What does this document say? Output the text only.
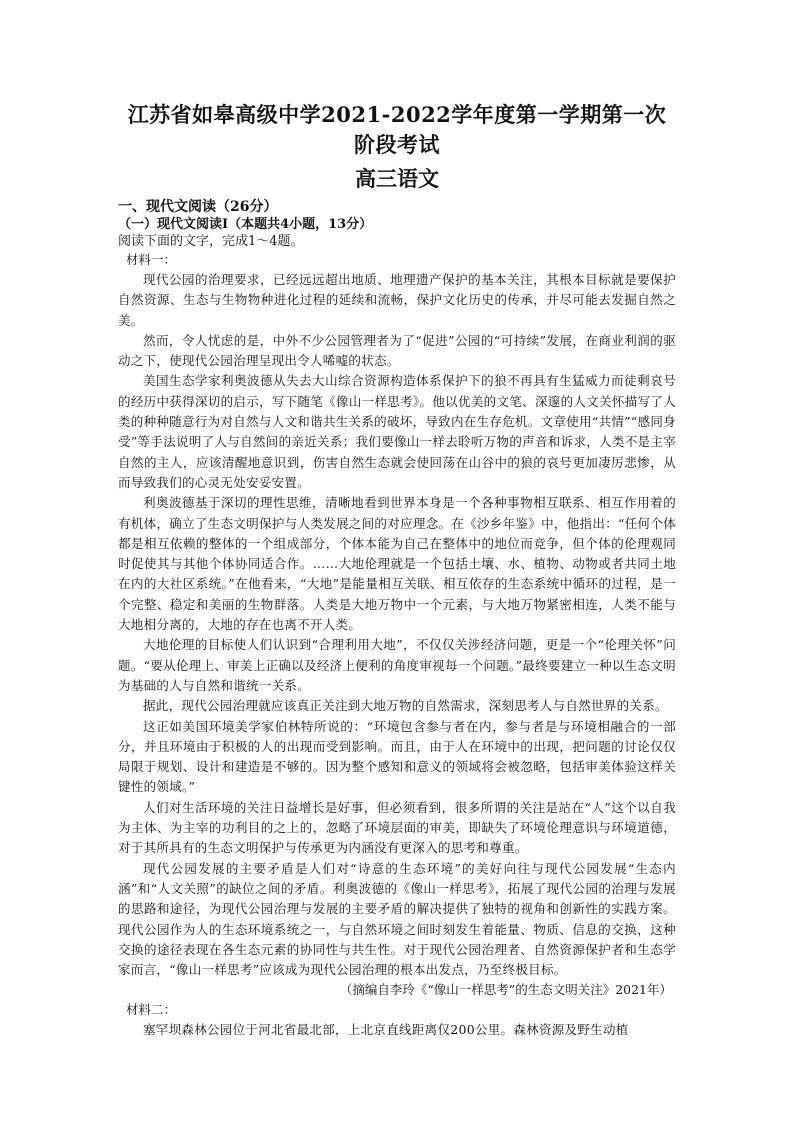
江苏省如皋高级中学2021-2022学年度第一学期第一次阶段考试
高三语文

一、现代文阅读（26分）

（一）现代文阅读Ⅰ（本题共4小题，13分）

阅读下面的文字，完成1～4题。

材料一：

现代公园的治理要求，已经远远超出地质、地理遗产保护的基本关注，其根本目标就是要保护自然资源、生态与生物物种进化过程的延续和流畅，保护文化历史的传承，并尽可能去发掘自然之美。

然而，令人忧虑的是，中外不少公园管理者为了“促进”公园的“可持续”发展，在商业利润的驱动之下，使现代公园治理呈现出令人唏嘘的状态。

美国生态学家利奥波德从失去大山综合资源构造体系保护下的狼不再具有生猛威力而徒剩哀号的经历中获得深切的启示，写下随笔《像山一样思考》。他以优美的文笔、深邃的人文关怀描写了人类的种种随意行为对自然与人文和谐共生关系的破坏，导致内在生存危机。文章使用“共情”“感同身受”等手法说明了人与自然间的亲近关系；我们要像山一样去聆听万物的声音和诉求，人类不是主宰自然的主人，应该清醒地意识到，伤害自然生态就会使回荡在山谷中的狼的哀号更加凄厉悲惨，从而导致我们的心灵无处安妥安置。

利奥波德基于深切的理性思维，清晰地看到世界本身是一个各种事物相互联系、相互作用着的有机体，确立了生态文明保护与人类发展之间的对应理念。在《沙乡年鉴》中，他指出：“任何个体都是相互依赖的整体的一个组成部分，个体本能为自己在整体中的地位而竞争，但个体的伦理观同时促使其与其他个体协同适合作。……大地伦理就是一个包括土壤、水、植物、动物或者共同土地在内的大社区系统。”在他看来，“大地”是能量相互关联、相互依存的生态系统中循环的过程，是一个完整、稳定和美丽的生物群落。人类是大地万物中一个元素，与大地万物紧密相连，人类不能与大地相分离的，大地的存在也离不开人类。

大地伦理的目标使人们认识到“合理利用大地”，不仅仅关涉经济问题，更是一个“伦理关怀”问题。“要从伦理上、审美上正确以及经济上便利的角度审视每一个问题。”最终要建立一种以生态文明为基础的人与自然和谐统一关系。

据此，现代公园治理就应该真正关注到大地万物的自然需求，深刻思考人与自然世界的关系。

这正如美国环境美学家伯林特所说的：“环境包含参与者在内，参与者是与环境相融合的一部分，并且环境由于积极的人的出现而受到影响。而且，由于人在环境中的出现，把问题的讨论仅仅局限于规划、设计和建造是不够的。因为整个感知和意义的领域将会被忽略，包括审美体验这样关键性的领域。”

人们对生活环境的关注日益增长是好事，但必须看到，很多所谓的关注是站在“人”这个以自我为主体、为主宰的功利目的之上的，忽略了环境层面的审美，即缺失了环境伦理意识与环境道德，对于其所具有的生态文明保护与传承更为内涵没有更深入的思考和尊重。

现代公园发展的主要矛盾是人们对“诗意的生态环境”的美好向往与现代公园发展“生态内涵”和“人文关照”的缺位之间的矛盾。利奥波德的《像山一样思考》，拓展了现代公园的治理与发展的思路和途径，为现代公园治理与发展的主要矛盾的解决提供了独特的视角和创新性的实践方案。现代公园作为人的生态环境系统之一，与自然环境之间时刻发生着能量、物质、信息的交换，这种交换的途径表现在各生态元素的协同性与共生性。对于现代公园治理者、自然资源保护者和生态学家而言，“像山一样思考”应该成为现代公园治理的根本出发点，乃至终极目标。

（摘编自李玲《“像山一样思考”的生态文明关注》2021年）

材料二：

塞罕坝森林公园位于河北省最北部，上北京直线距离仅200公里。森林资源及野生动植
